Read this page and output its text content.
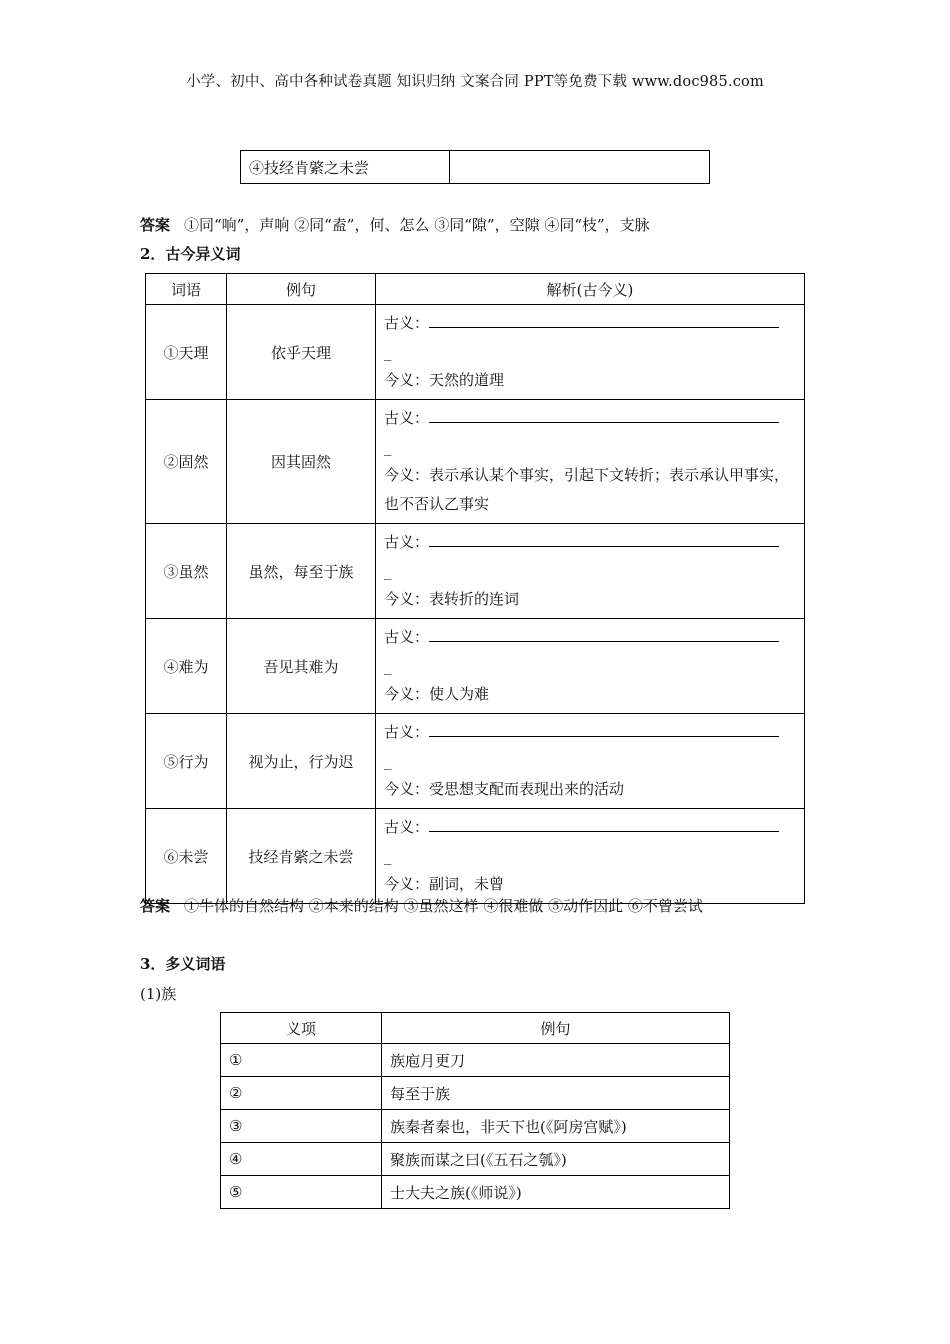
小学、初中、高中各种试卷真题 知识归纳 文案合同 PPT等免费下载 www.doc985.com
④技经肯綮之未尝	
答案 ①同“响”，声响 ②同“盍”，何、怎么 ③同“隙”，空隙 ④同“枝”，支脉
2．古今异义词
词语	例句	解析(古今义)
①天理	依乎天理	古义：
_
今义：天然的道理

②固然	因其固然	古义：
_
今义：表示承认某个事实，引起下文转折；表示承认甲事实，也不否认乙事实

③虽然	虽然，每至于族	古义：
_
今义：表转折的连词

④难为	吾见其难为	古义：
_
今义：使人为难

⑤行为	视为止，行为迟	古义：
_
今义：受思想支配而表现出来的活动

⑥未尝	技经肯綮之未尝	古义：
_
今义：副词，未曾
答案 ①牛体的自然结构 ②本来的结构 ③虽然这样 ④很难做 ⑤动作因此 ⑥不曾尝试
3．多义词语
(1)族
义项	例句
①	族庖月更刀
②	每至于族
③	族秦者秦也，非天下也(《阿房宫赋》)
④	聚族而谋之曰(《五石之瓠》)
⑤	士大夫之族(《师说》)
